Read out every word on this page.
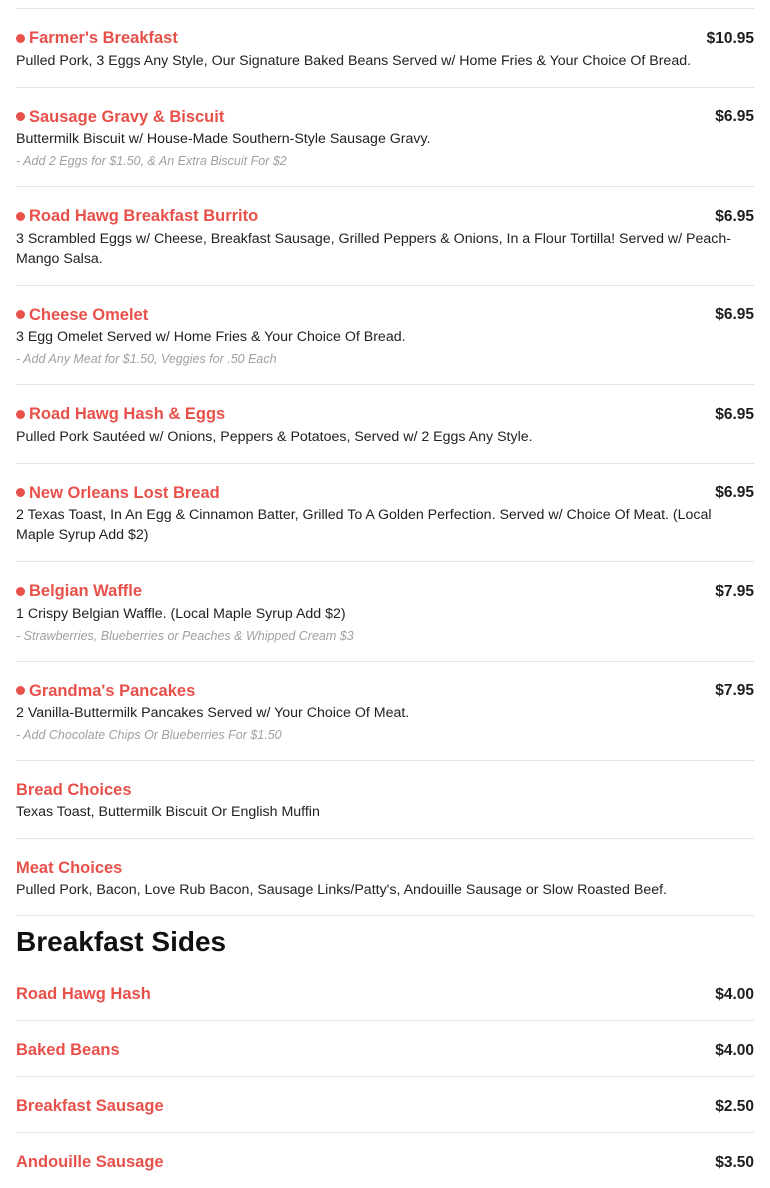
Farmer's Breakfast	$10.95
Pulled Pork, 3 Eggs Any Style, Our Signature Baked Beans Served w/ Home Fries & Your Choice Of Bread.
Sausage Gravy & Biscuit	$6.95
Buttermilk Biscuit w/ House-Made Southern-Style Sausage Gravy.
- Add 2 Eggs for $1.50, & An Extra Biscuit For $2
Road Hawg Breakfast Burrito	$6.95
3 Scrambled Eggs w/ Cheese, Breakfast Sausage, Grilled Peppers & Onions, In a Flour Tortilla! Served w/ Peach-Mango Salsa.
Cheese Omelet	$6.95
3 Egg Omelet Served w/ Home Fries & Your Choice Of Bread.
- Add Any Meat for $1.50, Veggies for .50 Each
Road Hawg Hash & Eggs	$6.95
Pulled Pork Sautéed w/ Onions, Peppers & Potatoes, Served w/ 2 Eggs Any Style.
New Orleans Lost Bread	$6.95
2 Texas Toast, In An Egg & Cinnamon Batter, Grilled To A Golden Perfection. Served w/ Choice Of Meat. (Local Maple Syrup Add $2)
Belgian Waffle	$7.95
1 Crispy Belgian Waffle. (Local Maple Syrup Add $2)
- Strawberries, Blueberries or Peaches & Whipped Cream $3
Grandma's Pancakes	$7.95
2 Vanilla-Buttermilk Pancakes Served w/ Your Choice Of Meat.
- Add Chocolate Chips Or Blueberries For $1.50
Bread Choices
Texas Toast, Buttermilk Biscuit Or English Muffin
Meat Choices
Pulled Pork, Bacon, Love Rub Bacon, Sausage Links/Patty's, Andouille Sausage or Slow Roasted Beef.
Breakfast Sides
Road Hawg Hash	$4.00
Baked Beans	$4.00
Breakfast Sausage	$2.50
Andouille Sausage	$3.50
